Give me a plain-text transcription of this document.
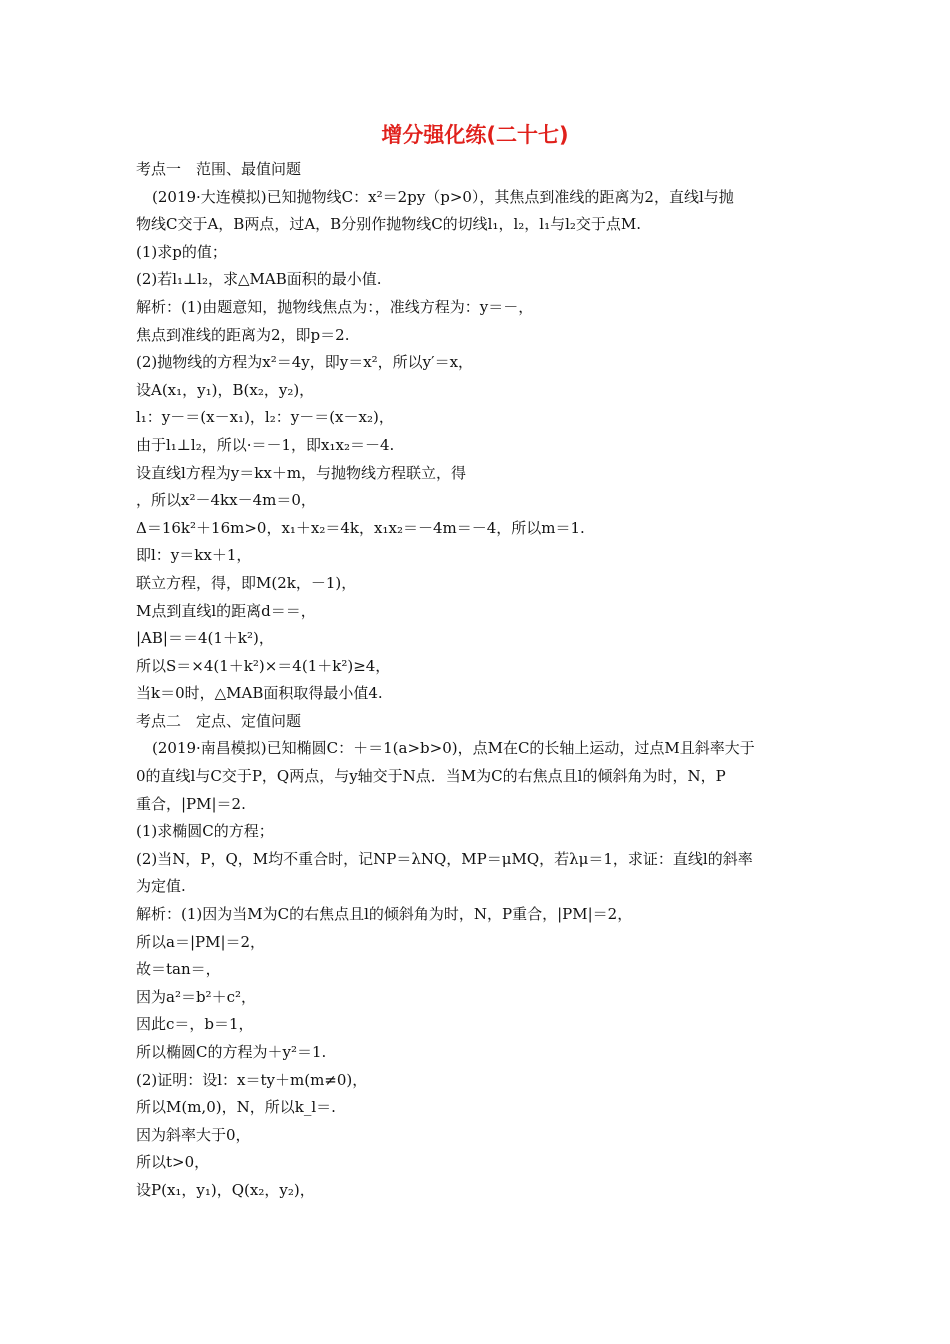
增分强化练(二十七)
考点一　范围、最值问题
(2019·大连模拟)已知抛物线C：x²＝2py（p>0），其焦点到准线的距离为2，直线l与抛
物线C交于A，B两点，过A，B分别作抛物线C的切线l₁，l₂，l₁与l₂交于点M.
(1)求p的值；
(2)若l₁⊥l₂，求△MAB面积的最小值.
解析：(1)由题意知，抛物线焦点为：，准线方程为：y＝－，
焦点到准线的距离为2，即p＝2.
(2)抛物线的方程为x²＝4y，即y＝x²，所以y′＝x，
设A(x₁，y₁)，B(x₂，y₂)，
l₁：y－＝(x－x₁)，l₂：y－＝(x－x₂)，
由于l₁⊥l₂，所以·＝－1，即x₁x₂＝－4.
设直线l方程为y＝kx＋m，与抛物线方程联立，得
，所以x²－4kx－4m＝0，
Δ＝16k²＋16m>0，x₁＋x₂＝4k，x₁x₂＝－4m＝－4，所以m＝1.
即l：y＝kx＋1，
联立方程，得，即M(2k，－1)，
M点到直线l的距离d＝＝，
|AB|＝＝4(1＋k²)，
所以S＝×4(1＋k²)×＝4(1＋k²)≥4，
当k＝0时，△MAB面积取得最小值4.
考点二　定点、定值问题
(2019·南昌模拟)已知椭圆C：＋＝1(a>b>0)，点M在C的长轴上运动，过点M且斜率大于
0的直线l与C交于P，Q两点，与y轴交于N点．当M为C的右焦点且l的倾斜角为时，N，P
重合，|PM|＝2.
(1)求椭圆C的方程；
(2)当N，P，Q，M均不重合时，记NP＝λNQ，MP＝μMQ，若λμ＝1，求证：直线l的斜率
为定值.
解析：(1)因为当M为C的右焦点且l的倾斜角为时，N，P重合，|PM|＝2，
所以a＝|PM|＝2，
故＝tan＝，
因为a²＝b²＋c²，
因此c＝，b＝1，
所以椭圆C的方程为＋y²＝1.
(2)证明：设l：x＝ty＋m(m≠0)，
所以M(m,0)，N，所以k_l＝.
因为斜率大于0，
所以t>0，
设P(x₁，y₁)，Q(x₂，y₂)，
